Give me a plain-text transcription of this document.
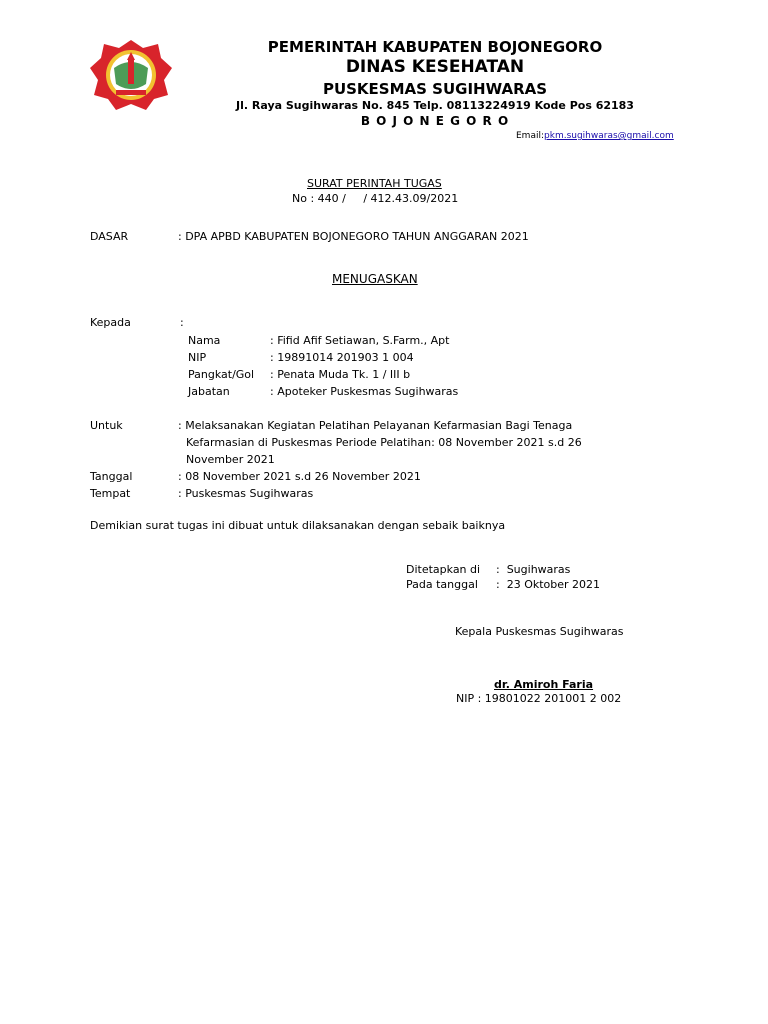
PEMERINTAH KABUPATEN BOJONEGORO
DINAS KESEHATAN
PUSKESMAS SUGIHWARAS
Jl. Raya Sugihwaras No. 845 Telp. 08113224919 Kode Pos 62183
B O J O N E G O R O
Email:pkm.sugihwaras@gmail.com
SURAT PERINTAH TUGAS
No : 440 /     / 412.43.09/2021
DASAR	: DPA APBD KABUPATEN BOJONEGORO TAHUN ANGGARAN 2021
MENUGASKAN
Kepada	:
Nama	: Fifid Afif Setiawan, S.Farm., Apt
NIP	: 19891014 201903 1 004
Pangkat/Gol : Penata Muda Tk. 1 / III b
Jabatan	: Apoteker Puskesmas Sugihwaras
Untuk	: Melaksanakan Kegiatan Pelatihan Pelayanan Kefarmasian Bagi Tenaga
Kefarmasian di Puskesmas Periode Pelatihan: 08 November 2021 s.d 26
November 2021
Tanggal	: 08 November 2021 s.d 26 November 2021
Tempat	: Puskesmas Sugihwaras
Demikian surat tugas ini dibuat untuk dilaksanakan dengan sebaik baiknya
Ditetapkan di :  Sugihwaras
Pada tanggal :  23 Oktober 2021
Kepala Puskesmas Sugihwaras
dr. Amiroh Faria
NIP : 19801022 201001 2 002
